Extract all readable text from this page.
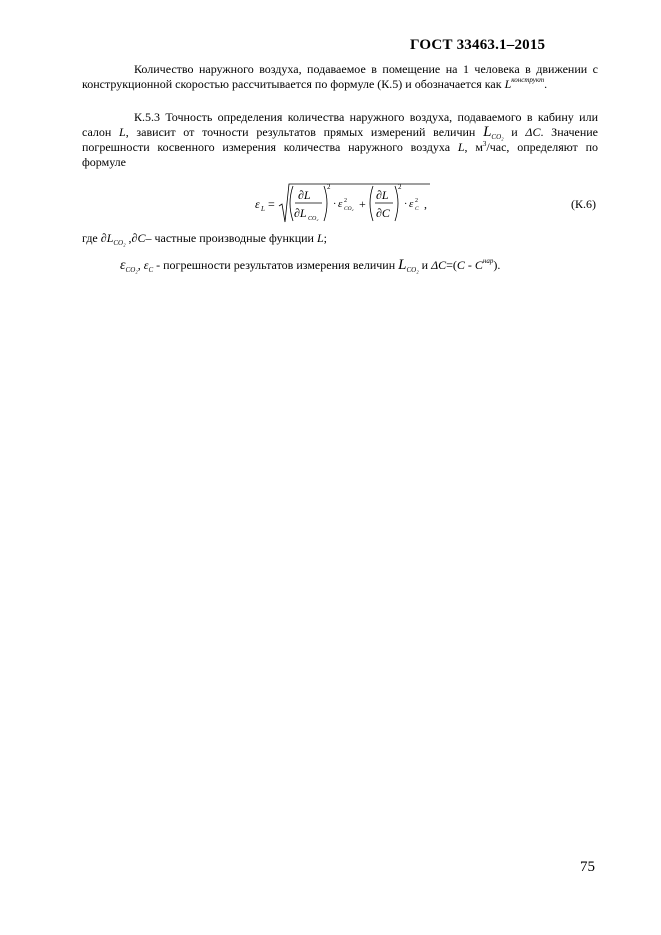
ГОСТ 33463.1–2015

Количество наружного воздуха, подаваемое в помещение на 1 человека в движении с конструкционной скоростью рассчитывается по формуле (К.5) и обозначается как $L^{конструкт}$.

К.5.3 Точность определения количества наружного воздуха, подаваемого в кабину или салон L, зависит от точности результатов прямых измерений величин $L_{CO_2}$ и ΔC. Значение погрешности косвенного измерения количества наружного воздуха L, $м^3$/час, определяют по формуле

ε L =
∂L
∂L CO₂
2
· ε 2
CO₂ +
∂L
∂C
2
· ε 2
C ,	(К.6)
где $\partial L_{CO_2}$ ,∂C– частные производные функции L;
$\varepsilon_{CO_2}$, $\varepsilon_C$ - погрешности результатов измерения величин $L_{CO_2}$ и $\Delta C=(C - C^{нар})$.
75
